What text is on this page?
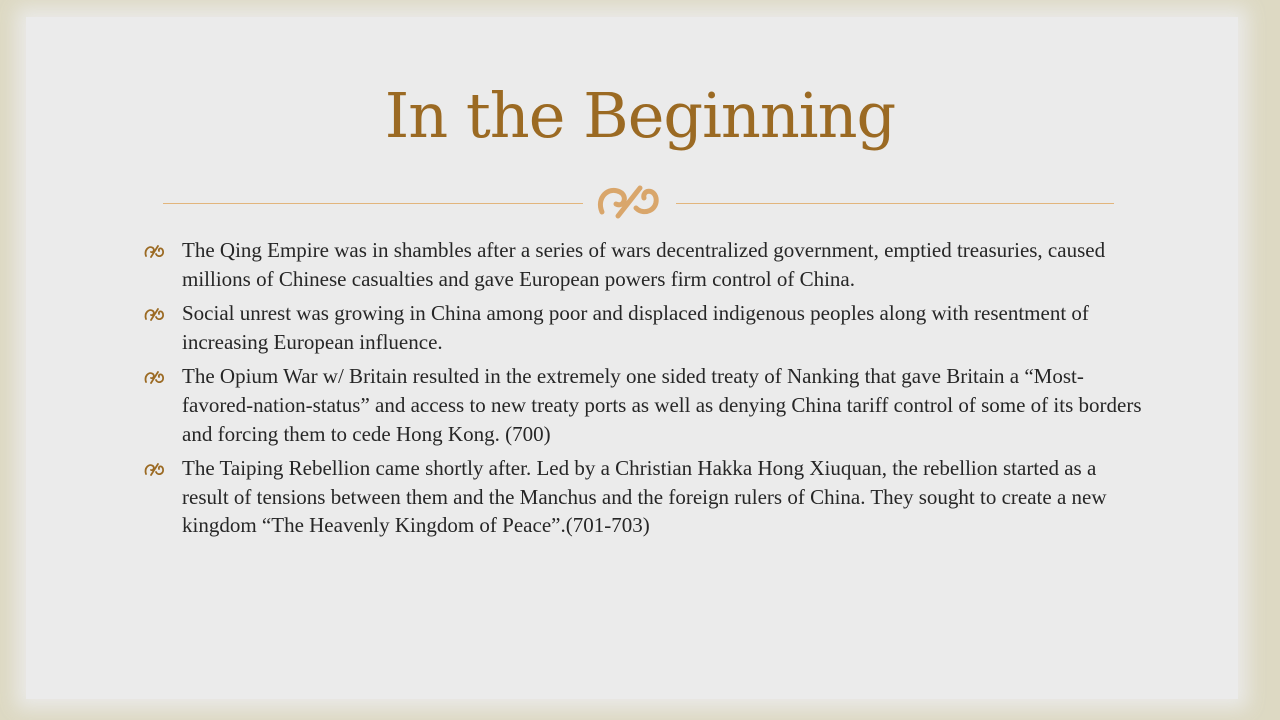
In the Beginning
The Qing Empire was in shambles after a series of wars decentralized government, emptied treasuries, caused millions of Chinese casualties and gave European powers firm control of China.
Social unrest was growing in China among poor and displaced indigenous peoples along with resentment of increasing European influence.
The Opium War w/ Britain resulted in the extremely one sided treaty of Nanking that gave Britain a “Most-favored-nation-status” and access to new treaty ports as well as denying China tariff control of some of its borders and forcing them to cede Hong Kong. (700)
The Taiping Rebellion came shortly after. Led by a Christian Hakka Hong Xiuquan, the rebellion started as a result of tensions between them and the Manchus and the foreign rulers of China. They sought to create a new kingdom “The Heavenly Kingdom of Peace”.(701-703)
